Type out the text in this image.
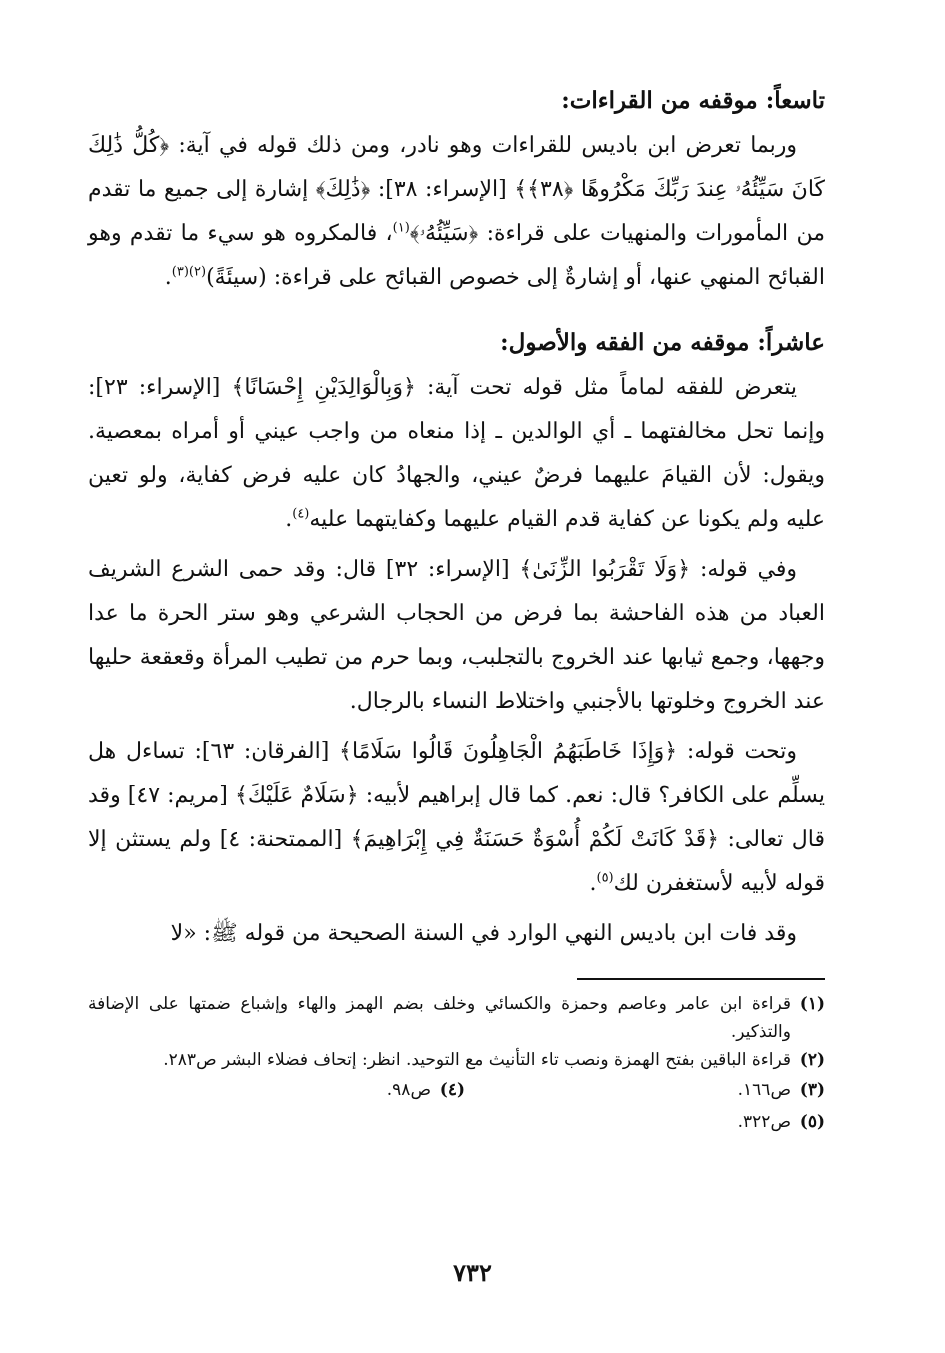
تاسعاً: موقفه من القراءات:

وربما تعرض ابن باديس للقراءات وهو نادر، ومن ذلك قوله في آية: ﴿كُلُّ ذَٰلِكَ كَانَ سَيِّئُهُۥ عِندَ رَبِّكَ مَكْرُوهًا ﴿٣٨﴾﴾ [الإسراء: ٣٨]: ﴿ذَٰلِكَ﴾ إشارة إلى جميع ما تقدم من المأمورات والمنهيات على قراءة: ﴿سَيِّئُهُۥ﴾$^{(١)}$، فالمكروه هو سيء ما تقدم وهو القبائح المنهي عنها، أو إشارةٌ إلى خصوص القبائح على قراءة: (سيئَةً)$^{(٢)(٣)}$.

عاشراً: موقفه من الفقه والأصول:

يتعرض للفقه لماماً مثل قوله تحت آية: ﴿وَبِالْوَالِدَيْنِ إِحْسَانًا﴾ [الإسراء: ٢٣]: وإنما تحل مخالفتهما ـ أي الوالدين ـ إذا منعاه من واجب عيني أو أمراه بمعصية. ويقول: لأن القيامَ عليهما فرضٌ عيني، والجهادُ كان عليه فرض كفاية، ولو تعين عليه ولم يكونا عن كفاية قدم القيام عليهما وكفايتهما عليه$^{(٤)}$.

وفي قوله: ﴿وَلَا تَقْرَبُوا الزِّنَىٰ﴾ [الإسراء: ٣٢] قال: وقد حمى الشرع الشريف العباد من هذه الفاحشة بما فرض من الحجاب الشرعي وهو ستر الحرة ما عدا وجهها، وجمع ثيابها عند الخروج بالتجلبب، وبما حرم من تطيب المرأة وقعقعة حليها عند الخروج وخلوتها بالأجنبي واختلاط النساء بالرجال.

وتحت قوله: ﴿وَإِذَا خَاطَبَهُمُ الْجَاهِلُونَ قَالُوا سَلَامًا﴾ [الفرقان: ٦٣]: تساءل هل يسلِّم على الكافر؟ قال: نعم. كما قال إبراهيم لأبيه: ﴿سَلَامٌ عَلَيْكَ﴾ [مريم: ٤٧] وقد قال تعالى: ﴿قَدْ كَانَتْ لَكُمْ أُسْوَةٌ حَسَنَةٌ فِي إِبْرَاهِيمَ﴾ [الممتحنة: ٤] ولم يستثن إلا قوله لأبيه لأستغفرن لك$^{(٥)}$.

وقد فات ابن باديس النهي الوارد في السنة الصحيحة من قوله ﷺ: «لا

(١)
قراءة ابن عامر وعاصم وحمزة والكسائي وخلف بضم الهمز والهاء وإشباع ضمتها على الإضافة والتذكير.
(٢)
قراءة الباقين بفتح الهمزة ونصب تاء التأنيث مع التوحيد. انظر: إتحاف فضلاء البشر ص٢٨٣.
(٣)
ص١٦٦.
(٤)
ص٩٨.
(٥)
ص٣٢٢.
٧٣٢
